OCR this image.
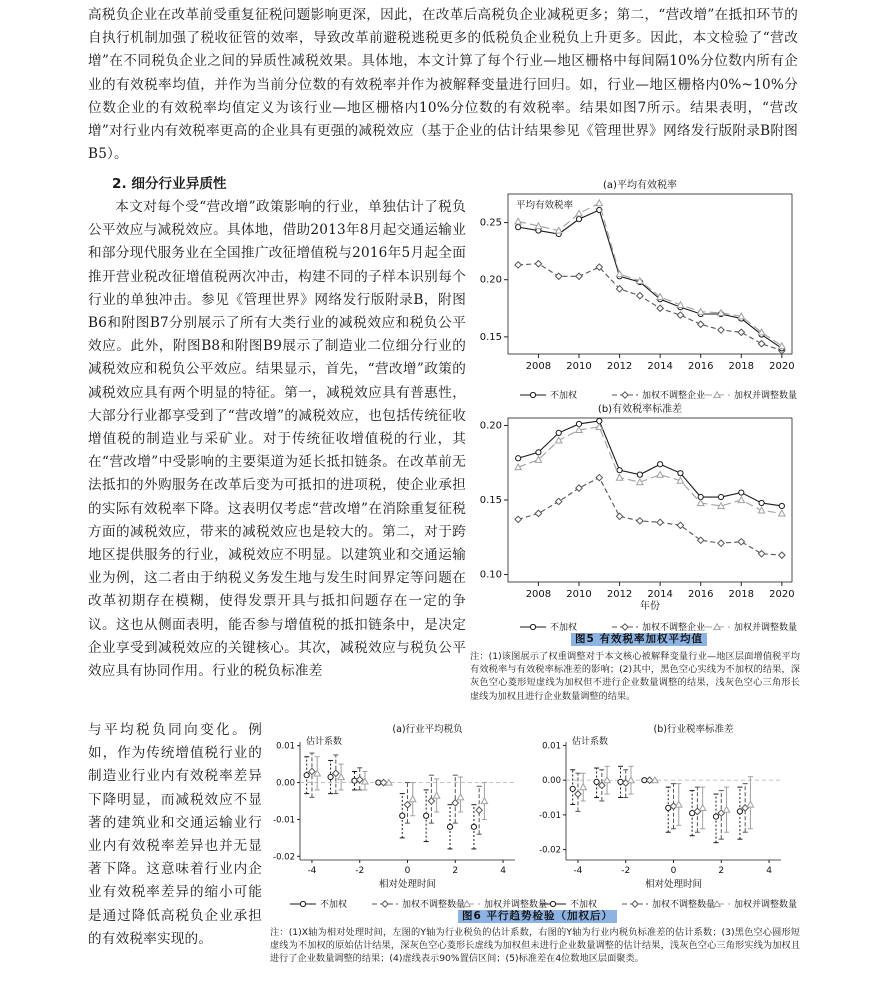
高税负企业在改革前受重复征税问题影响更深，因此，在改革后高税负企业减税更多；第二，“营改增”在抵扣环节的自执行机制加强了税收征管的效率，导致改革前避税逃税更多的低税负企业税负上升更多。因此，本文检验了“营改增”在不同税负企业之间的异质性减税效果。具体地，本文计算了每个行业—地区栅格中每间隔10%分位数内所有企业的有效税率均值，并作为当前分位数的有效税率并作为被解释变量进行回归。如，行业—地区栅格内0%~10%分位数企业的有效税率均值定义为该行业—地区栅格内10%分位数的有效税率。结果如图7所示。结果表明，“营改增”对行业内有效税率更高的企业具有更强的减税效应（基于企业的估计结果参见《管理世界》网络发行版附录B附图B5）。
2. 细分行业异质性
本文对每个受“营改增”政策影响的行业，单独估计了税负公平效应与减税效应。具体地，借助2013年8月起交通运输业和部分现代服务业在全国推广改征增值税与2016年5月起全面推开营业税改征增值税两次冲击，构建不同的子样本识别每个行业的单独冲击。参见《管理世界》网络发行版附录B，附图B6和附图B7分别展示了所有大类行业的减税效应和税负公平效应。此外，附图B8和附图B9展示了制造业二位细分行业的减税效应和税负公平效应。结果显示，首先，“营改增”政策的减税效应具有两个明显的特征。第一，减税效应具有普惠性，大部分行业都享受到了“营改增”的减税效应，也包括传统征收增值税的制造业与采矿业。对于传统征收增值税的行业，其在“营改增”中受影响的主要渠道为延长抵扣链条。在改革前无法抵扣的外购服务在改革后变为可抵扣的进项税，使企业承担的实际有效税率下降。这表明仅考虑“营改增”在消除重复征税方面的减税效应，带来的减税效应也是较大的。第二，对于跨地区提供服务的行业，减税效应不明显。以建筑业和交通运输业为例，这二者由于纳税义务发生地与发生时间界定等问题在改革初期存在模糊，使得发票开具与抵扣问题存在一定的争议。这也从侧面表明，能否参与增值税的抵扣链条中，是决定企业享受到减税效应的关键核心。其次，减税效应与税负公平效应具有协同作用。行业的税负标准差
与平均税负同向变化。例如，作为传统增值税行业的制造业行业内有效税率差异下降明显，而减税效应不显著的建筑业和交通运输业行业内有效税率差异也并无显著下降。这意味着行业内企业有效税率差异的缩小可能是通过降低高税负企业承担的有效税率实现的。
(a)平均有效税率
平均有效税率
0.15
0.20
0.25
2008 2010 2012 2014 2016 2018 2020
(b)有效税率标准差
0.10
0.15
0.20
2008 2010 2012 2014 2016 2018 2020
年份
不加权	加权不调整企业	加权并调整数量
不加权	加权不调整企业	加权并调整数量
图5 有效税率加权平均值
注：(1)该图展示了权重调整对于本文核心被解释变量行业—地区层面增值税平均有效税率与有效税率标准差的影响；(2)其中，黑色空心实线为不加权的结果，深灰色空心菱形短虚线为加权但不进行企业数量调整的结果，浅灰色空心三角形长虚线为加权且进行企业数量调整的结果。
(a)行业平均税负
估计系数
0.01
0.00
-0.01
-0.02
-4	-2	0	2	4
相对处理时间
(b)行业税率标准差
估计系数
0.01
0.00
-0.01
-0.02
-4	-2	0	2	4
相对处理时间
不加权	加权不调整数量 加权并调整数量	不加权	加权不调整数量 加权并调整数量
图6 平行趋势检验（加权后）
注：(1)X轴为相对处理时间，左图的Y轴为行业税负的估计系数，右图的Y轴为行业内税负标准差的估计系数；(3)黑色空心圆形短虚线为不加权的原始估计结果，深灰色空心菱形长虚线为加权但未进行企业数量调整的估计结果，浅灰色空心三角形实线为加权且进行了企业数量调整的结果；(4)虚线表示90%置信区间；(5)标准差在4位数地区层面聚类。
